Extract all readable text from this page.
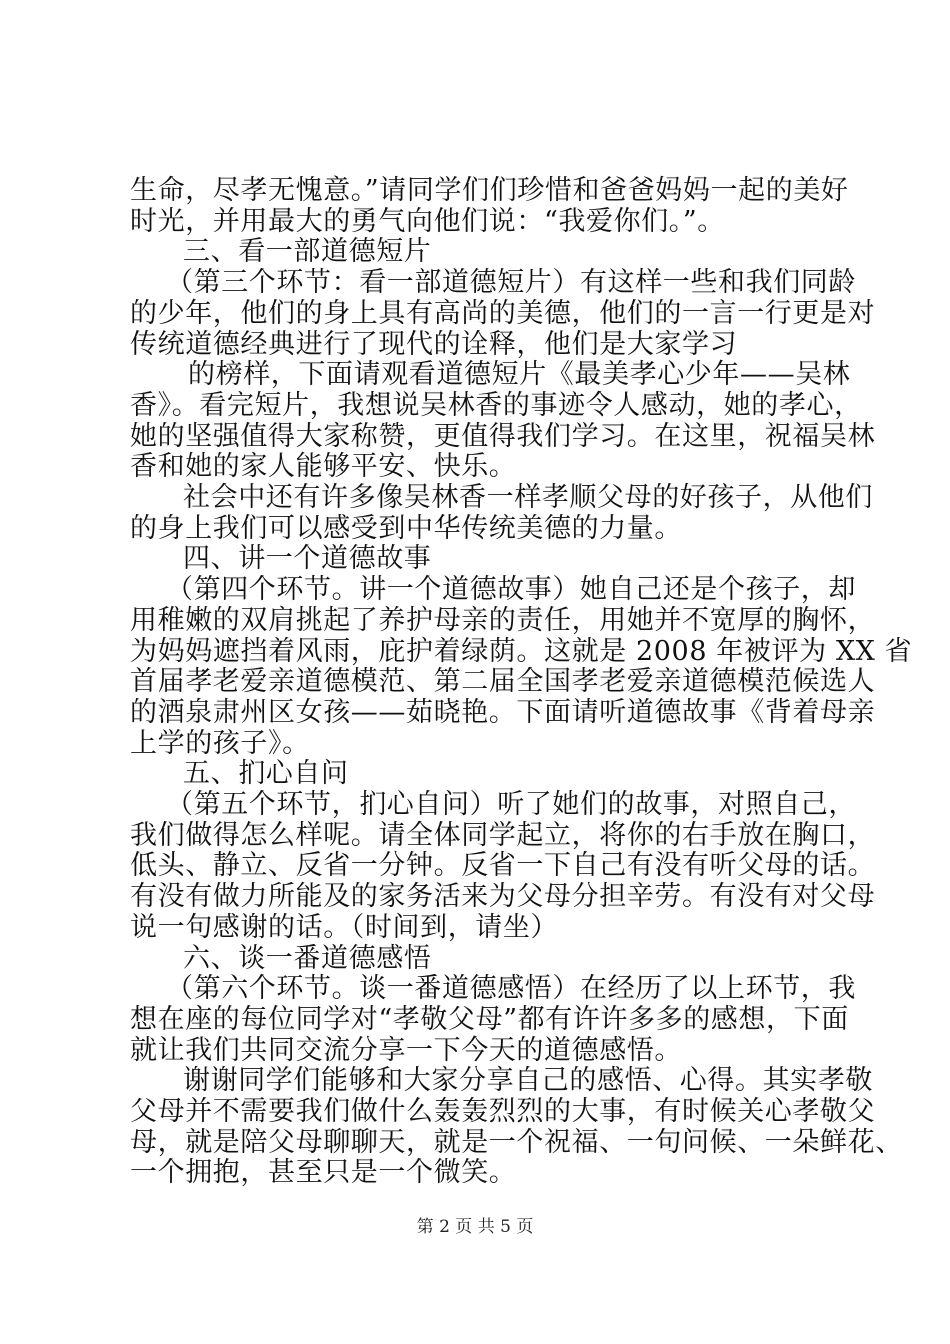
生命，尽孝无愧意。”请同学们们珍惜和爸爸妈妈一起的美好
时光，并用最大的勇气向他们说：“我爱你们。”。
三、看一部道德短片
（第三个环节：看一部道德短片）有这样一些和我们同龄
的少年，他们的身上具有高尚的美德，他们的一言一行更是对
传统道德经典进行了现代的诠释，他们是大家学习
的榜样，下面请观看道德短片《最美孝心少年——吴林
香》。看完短片，我想说吴林香的事迹令人感动，她的孝心，
她的坚强值得大家称赞，更值得我们学习。在这里，祝福吴林
香和她的家人能够平安、快乐。
社会中还有许多像吴林香一样孝顺父母的好孩子，从他们
的身上我们可以感受到中华传统美德的力量。
四、讲一个道德故事
（第四个环节。讲一个道德故事）她自己还是个孩子，却
用稚嫩的双肩挑起了养护母亲的责任，用她并不宽厚的胸怀，
为妈妈遮挡着风雨，庇护着绿荫。这就是 2008 年被评为 XX 省
首届孝老爱亲道德模范、第二届全国孝老爱亲道德模范候选人
的酒泉肃州区女孩——茹晓艳。下面请听道德故事《背着母亲
上学的孩子》。
五、扪心自问
（第五个环节，扪心自问）听了她们的故事，对照自己，
我们做得怎么样呢。请全体同学起立，将你的右手放在胸口，
低头、静立、反省一分钟。反省一下自己有没有听父母的话。
有没有做力所能及的家务活来为父母分担辛劳。有没有对父母
说一句感谢的话。（时间到，请坐）
六、谈一番道德感悟
（第六个环节。谈一番道德感悟）在经历了以上环节，我
想在座的每位同学对“孝敬父母”都有许许多多的感想，下面
就让我们共同交流分享一下今天的道德感悟。
谢谢同学们能够和大家分享自己的感悟、心得。其实孝敬
父母并不需要我们做什么轰轰烈烈的大事，有时候关心孝敬父
母，就是陪父母聊聊天，就是一个祝福、一句问候、一朵鲜花、
一个拥抱，甚至只是一个微笑。
第 2 页 共 5 页
